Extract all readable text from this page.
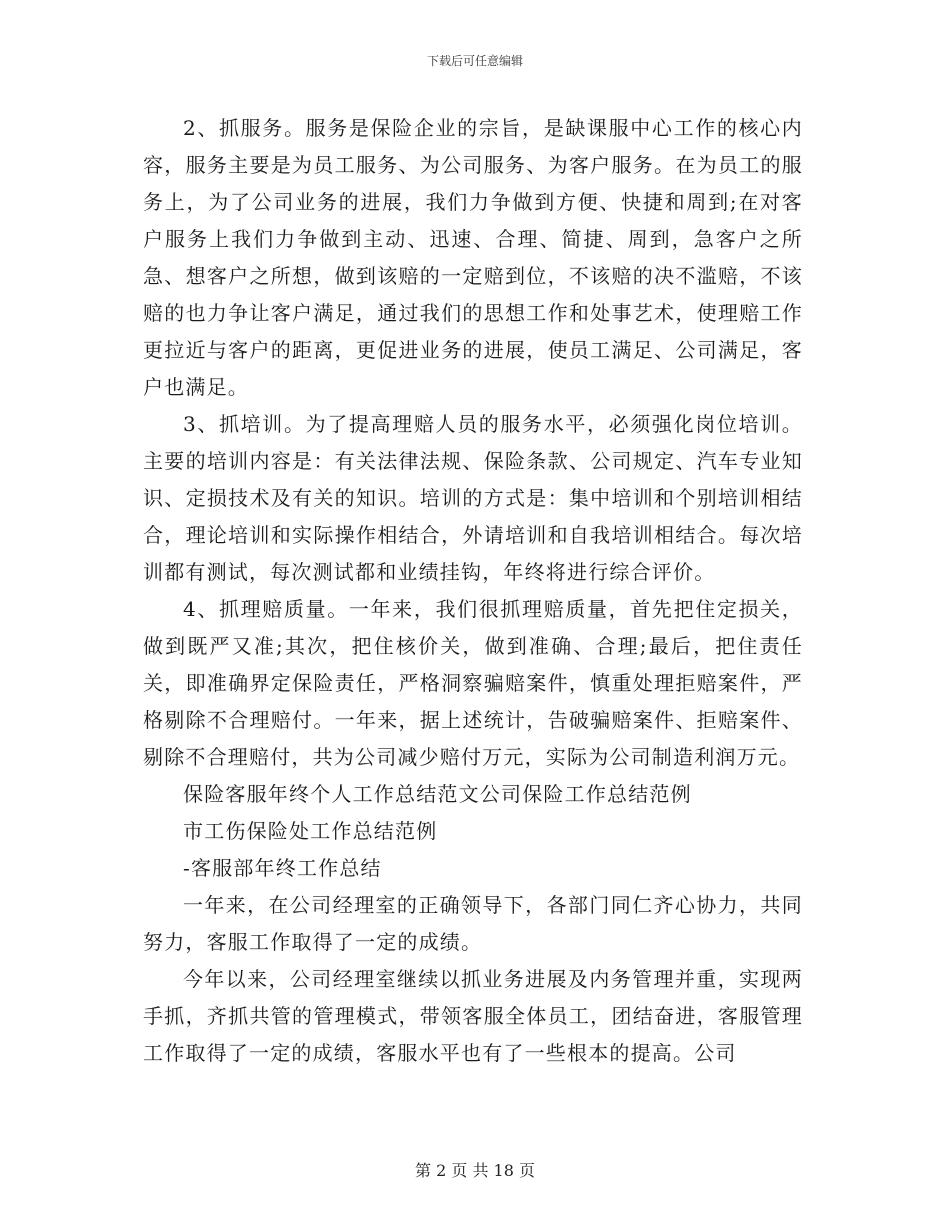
下载后可任意编辑

2、抓服务。服务是保险企业的宗旨，是缺课服中心工作的核心内容，服务主要是为员工服务、为公司服务、为客户服务。在为员工的服务上，为了公司业务的进展，我们力争做到方便、快捷和周到;在对客户服务上我们力争做到主动、迅速、合理、简捷、周到，急客户之所急、想客户之所想，做到该赔的一定赔到位，不该赔的决不滥赔，不该赔的也力争让客户满足，通过我们的思想工作和处事艺术，使理赔工作更拉近与客户的距离，更促进业务的进展，使员工满足、公司满足，客户也满足。

3、抓培训。为了提高理赔人员的服务水平，必须强化岗位培训。主要的培训内容是：有关法律法规、保险条款、公司规定、汽车专业知识、定损技术及有关的知识。培训的方式是：集中培训和个别培训相结合，理论培训和实际操作相结合，外请培训和自我培训相结合。每次培训都有测试，每次测试都和业绩挂钩，年终将进行综合评价。

4、抓理赔质量。一年来，我们很抓理赔质量，首先把住定损关，做到既严又准;其次，把住核价关，做到准确、合理;最后，把住责任关，即准确界定保险责任，严格洞察骗赔案件，慎重处理拒赔案件，严格剔除不合理赔付。一年来，据上述统计，告破骗赔案件、拒赔案件、剔除不合理赔付，共为公司减少赔付万元，实际为公司制造利润万元。

保险客服年终个人工作总结范文公司保险工作总结范例

市工伤保险处工作总结范例

-客服部年终工作总结

一年来，在公司经理室的正确领导下，各部门同仁齐心协力，共同努力，客服工作取得了一定的成绩。

今年以来，公司经理室继续以抓业务进展及内务管理并重，实现两手抓，齐抓共管的管理模式，带领客服全体员工，团结奋进，客服管理工作取得了一定的成绩，客服水平也有了一些根本的提高。公司

第 2 页 共 18 页
